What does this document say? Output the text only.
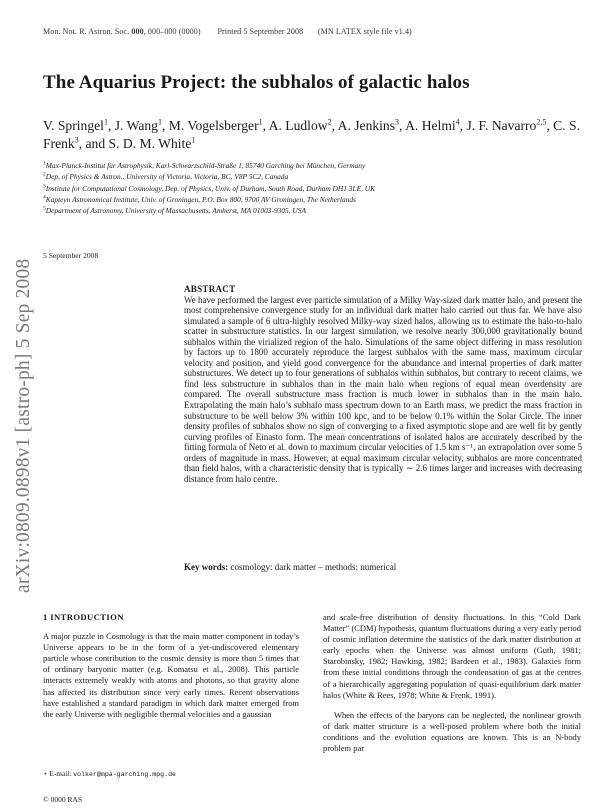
Mon. Not. R. Astron. Soc. 000, 000–000 (0000) Printed 5 September 2008 (MN LATEX style file v1.4)
The Aquarius Project: the subhalos of galactic halos

V. Springel$^1$, J. Wang$^1$, M. Vogelsberger$^1$, A. Ludlow$^2$, A. Jenkins$^3$, A. Helmi$^4$, J. F. Navarro$^{2,5}$, C. S. Frenk$^3$, and S. D. M. White$^1$

$^1$Max-Planck-Institut für Astrophysik, Karl-Schwarzschild-Straße 1, 85740 Garching bei München, Germany
$^2$Dep. of Physics & Astron., University of Victoria, Victoria, BC, V8P 5C2, Canada
$^3$Institute for Computational Cosmology, Dep. of Physics, Univ. of Durham, South Road, Durham DH1 3LE, UK
$^4$Kapteyn Astronomical Institute, Univ. of Groningen, P.O. Box 800, 9700 AV Groningen, The Netherlands
$^5$Department of Astronomy, University of Massachusetts, Amherst, MA 01003-9305, USA
5 September 2008
arXiv:0809.0898v1 [astro-ph] 5 Sep 2008	ABSTRACT

We have performed the largest ever particle simulation of a Milky Way-sized dark matter halo, and present the most comprehensive convergence study for an individual dark matter halo carried out thus far. We have also simulated a sample of 6 ultra-highly resolved Milky-way sized halos, allowing us to estimate the halo-to-halo scatter in substructure statistics. In our largest simulation, we resolve nearly 300,000 gravitationally bound subhalos within the virialized region of the halo. Simulations of the same object differing in mass resolution by factors up to 1800 accurately reproduce the largest subhalos with the same mass, maximum circular velocity and position, and yield good convergence for the abundance and internal properties of dark matter substructures. We detect up to four generations of subhalos within subhalos, but contrary to recent claims, we find less substructure in subhalos than in the main halo when regions of equal mean overdensity are compared. The overall substructure mass fraction is much lower in subhalos than in the main halo. Extrapolating the main halo’s subhalo mass spectrum down to an Earth mass, we predict the mass fraction in substructure to be well below 3% within 100 kpc, and to be below 0.1% within the Solar Circle. The inner density profiles of subhalos show no sign of converging to a fixed asymptotic slope and are well fit by gently curving profiles of Einasto form. The mean concentrations of isolated halos are accurately described by the fitting formula of Neto et al. down to maximum circular velocities of 1.5 km s⁻¹, an extrapolation over some 5 orders of magnitude in mass. However, at equal maximum circular velocity, subhalos are more concentrated than field halos, with a characteristic density that is typically ∼ 2.6 times larger and increases with decreasing distance from halo centre.

Key words: cosmology: dark matter – methods: numerical

1 INTRODUCTION

A major puzzle in Cosmology is that the main matter component in today’s Universe appears to be in the form of a yet-undiscovered elementary particle whose contribution to the cosmic density is more than 5 times that of ordinary baryonic matter (e.g. Komatsu et al., 2008). This particle interacts extremely weakly with atoms and photons, so that gravity alone has affected its distribution since very early times. Recent observations have established a standard paradigm in which dark matter emerged from the early Universe with negligible thermal velocities and a gaussian

and scale-free distribution of density fluctuations. In this “Cold Dark Matter” (CDM) hypothesis, quantum fluctuations during a very early period of cosmic inflation determine the statistics of the dark matter distribution at early epochs when the Universe was almost uniform (Guth, 1981; Starobinsky, 1982; Hawking, 1982; Bardeen et al., 1983). Galaxies form from these initial conditions through the condensation of gas at the centres of a hierarchically aggregating population of quasi-equilibrium dark matter halos (White & Rees, 1978; White & Frenk, 1991).

When the effects of the baryons can be neglected, the nonlinear growth of dark matter structure is a well-posed problem where both the initial conditions and the evolution equations are known. This is an N-body problem par

⋆ E-mail: volker@mpa-garching.mpg.de
© 0000 RAS
